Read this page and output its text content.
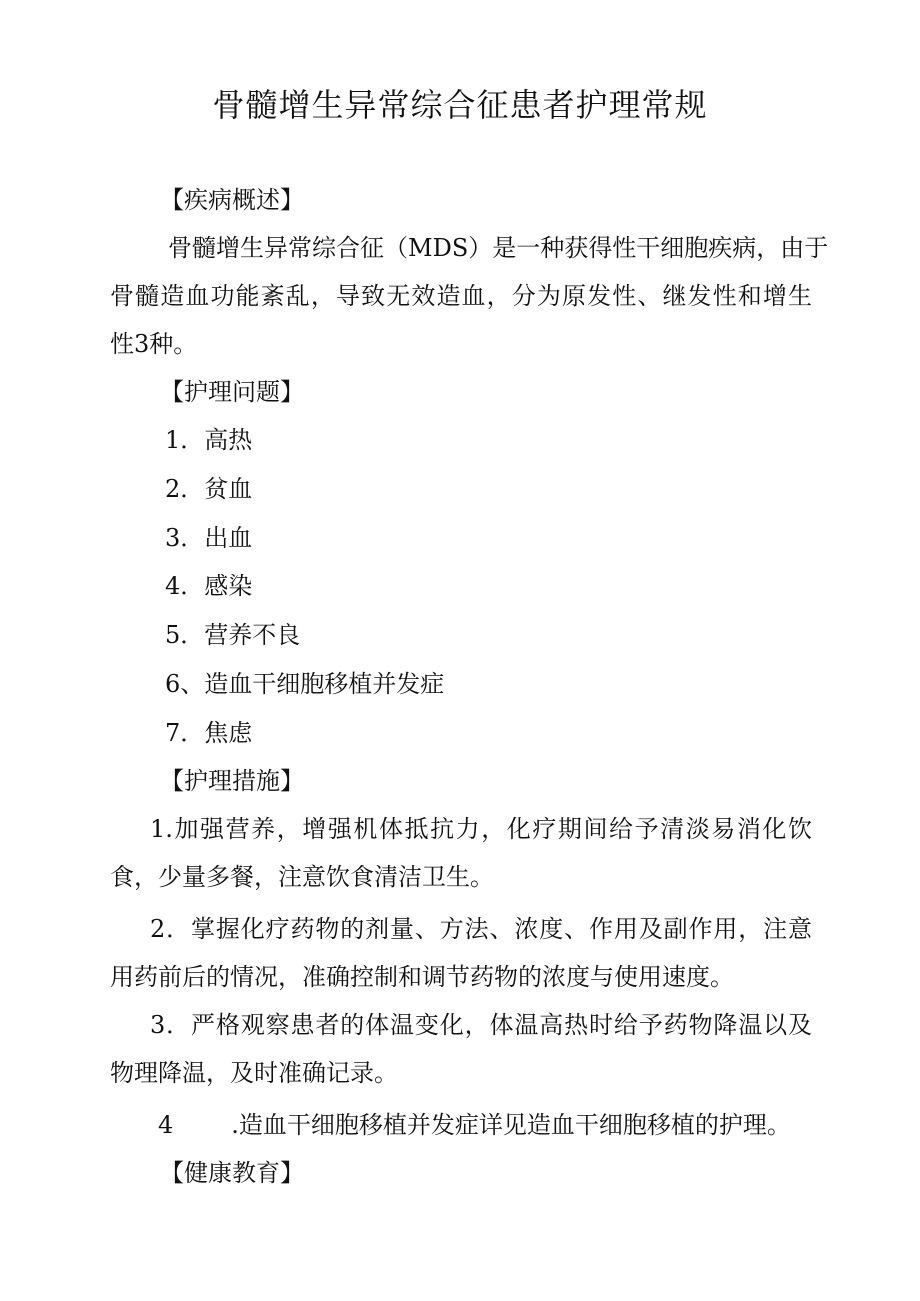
骨髓增生异常综合征患者护理常规
【疾病概述】
骨髓增生异常综合征（MDS）是一种获得性干细胞疾病，由于
骨髓造血功能紊乱，导致无效造血，分为原发性、继发性和增生
性3种。
【护理问题】
1．高热
2．贫血
3．出血
4．感染
5．营养不良
6、造血干细胞移植并发症
7．焦虑
【护理措施】
1.加强营养，增强机体抵抗力，化疗期间给予清淡易消化饮
食，少量多餐，注意饮食清洁卫生。
2．掌握化疗药物的剂量、方法、浓度、作用及副作用，注意
用药前后的情况，准确控制和调节药物的浓度与使用速度。
3．严格观察患者的体温变化，体温高热时给予药物降温以及
物理降温，及时准确记录。
4 .造血干细胞移植并发症详见造血干细胞移植的护理。
【健康教育】
